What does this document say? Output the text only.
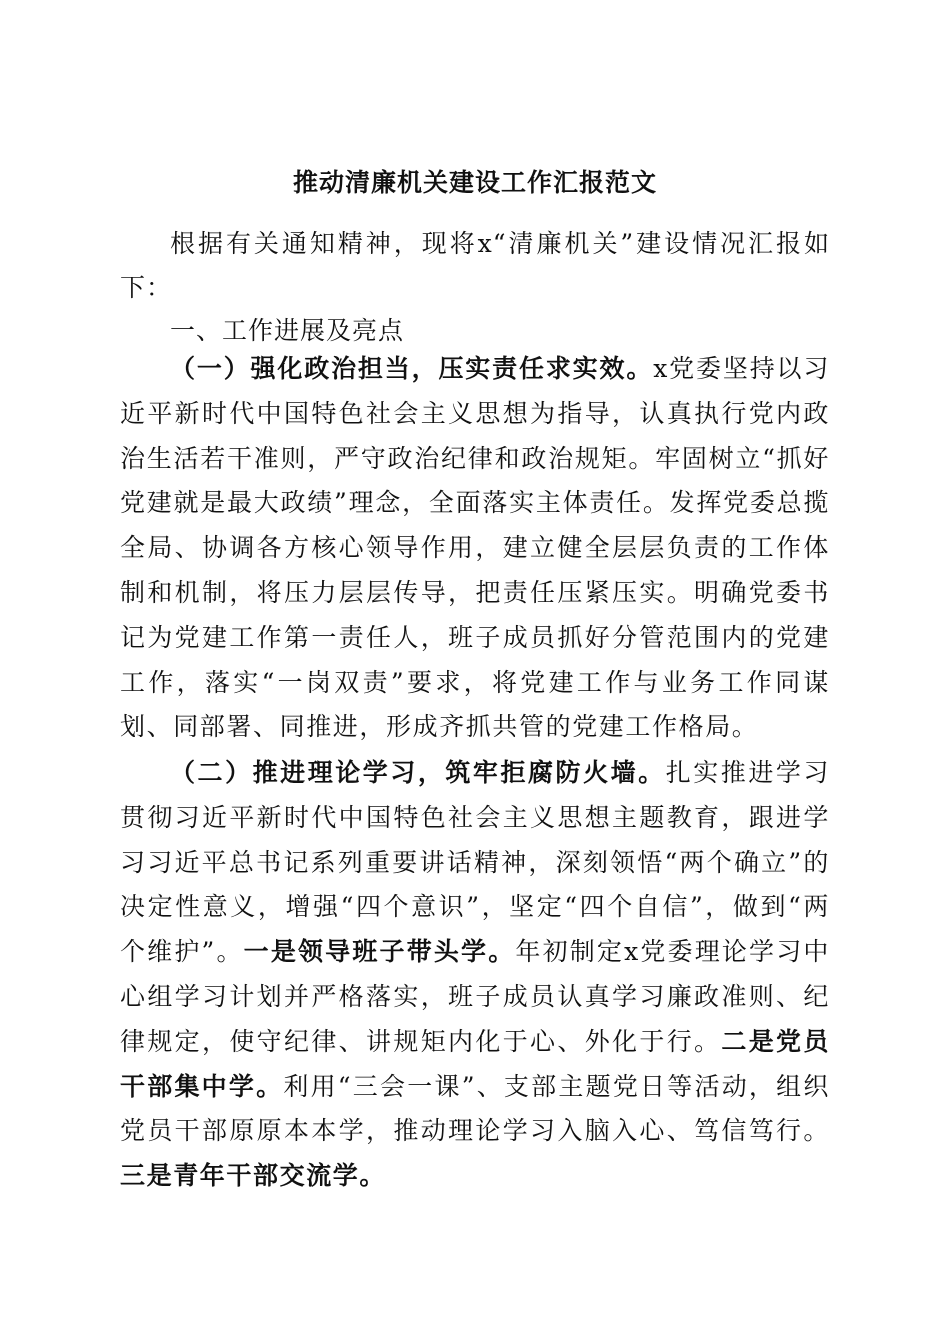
推动清廉机关建设工作汇报范文
根据有关通知精神，现将x“清廉机关”建设情况汇报如下：
一、工作进展及亮点

（一）强化政治担当，压实责任求实效。x党委坚持以习近平新时代中国特色社会主义思想为指导，认真执行党内政治生活若干准则，严守政治纪律和政治规矩。牢固树立“抓好党建就是最大政绩”理念，全面落实主体责任。发挥党委总揽全局、协调各方核心领导作用，建立健全层层负责的工作体制和机制，将压力层层传导，把责任压紧压实。明确党委书记为党建工作第一责任人，班子成员抓好分管范围内的党建工作，落实“一岗双责”要求，将党建工作与业务工作同谋划、同部署、同推进，形成齐抓共管的党建工作格局。

（二）推进理论学习，筑牢拒腐防火墙。扎实推进学习贯彻习近平新时代中国特色社会主义思想主题教育，跟进学习习近平总书记系列重要讲话精神，深刻领悟“两个确立”的决定性意义，增强“四个意识”，坚定“四个自信”，做到“两个维护”。一是领导班子带头学。年初制定x党委理论学习中心组学习计划并严格落实，班子成员认真学习廉政准则、纪律规定，使守纪律、讲规矩内化于心、外化于行。二是党员干部集中学。利用“三会一课”、支部主题党日等活动，组织党员干部原原本本学，推动理论学习入脑入心、笃信笃行。三是青年干部交流学。
